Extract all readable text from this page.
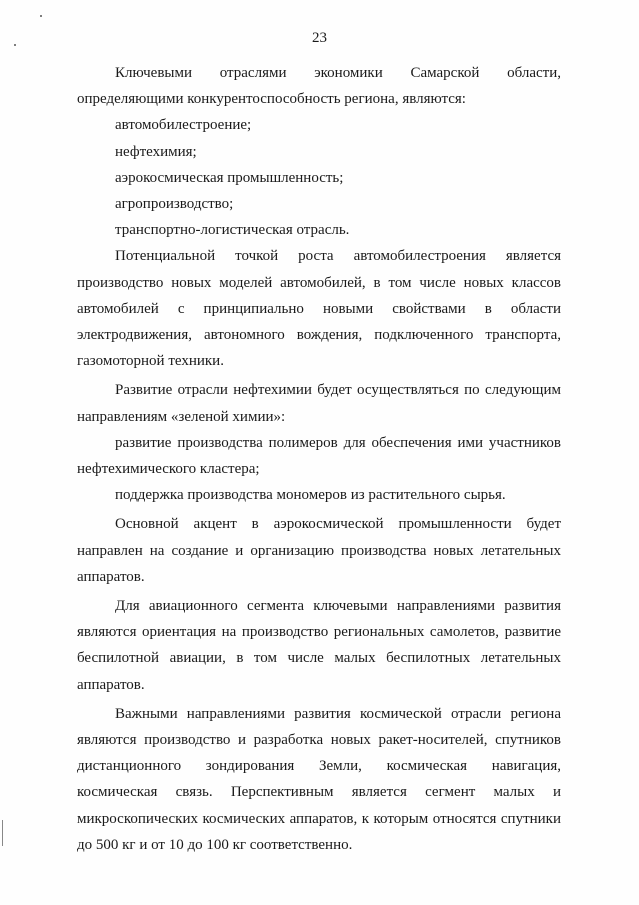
23

Ключевыми отраслями экономики Самарской области, определяющими конкурентоспособность региона, являются:

автомобилестроение;

нефтехимия;

аэрокосмическая промышленность;

агропроизводство;

транспортно-логистическая отрасль.

Потенциальной точкой роста автомобилестроения является производство новых моделей автомобилей, в том числе новых классов автомобилей с принципиально новыми свойствами в области электродвижения, автономного вождения, подключенного транспорта, газомоторной техники.

Развитие отрасли нефтехимии будет осуществляться по следующим направлениям «зеленой химии»:

развитие производства полимеров для обеспечения ими участников нефтехимического кластера;

поддержка производства мономеров из растительного сырья.

Основной акцент в аэрокосмической промышленности будет направлен на создание и организацию производства новых летательных аппаратов.

Для авиационного сегмента ключевыми направлениями развития являются ориентация на производство региональных самолетов, развитие беспилотной авиации, в том числе малых беспилотных летательных аппаратов.

Важными направлениями развития космической отрасли региона являются производство и разработка новых ракет-носителей, спутников дистанционного зондирования Земли, космическая навигация, космическая связь. Перспективным является сегмент малых и микроскопических космических аппаратов, к которым относятся спутники до 500 кг и от 10 до 100 кг соответственно.
